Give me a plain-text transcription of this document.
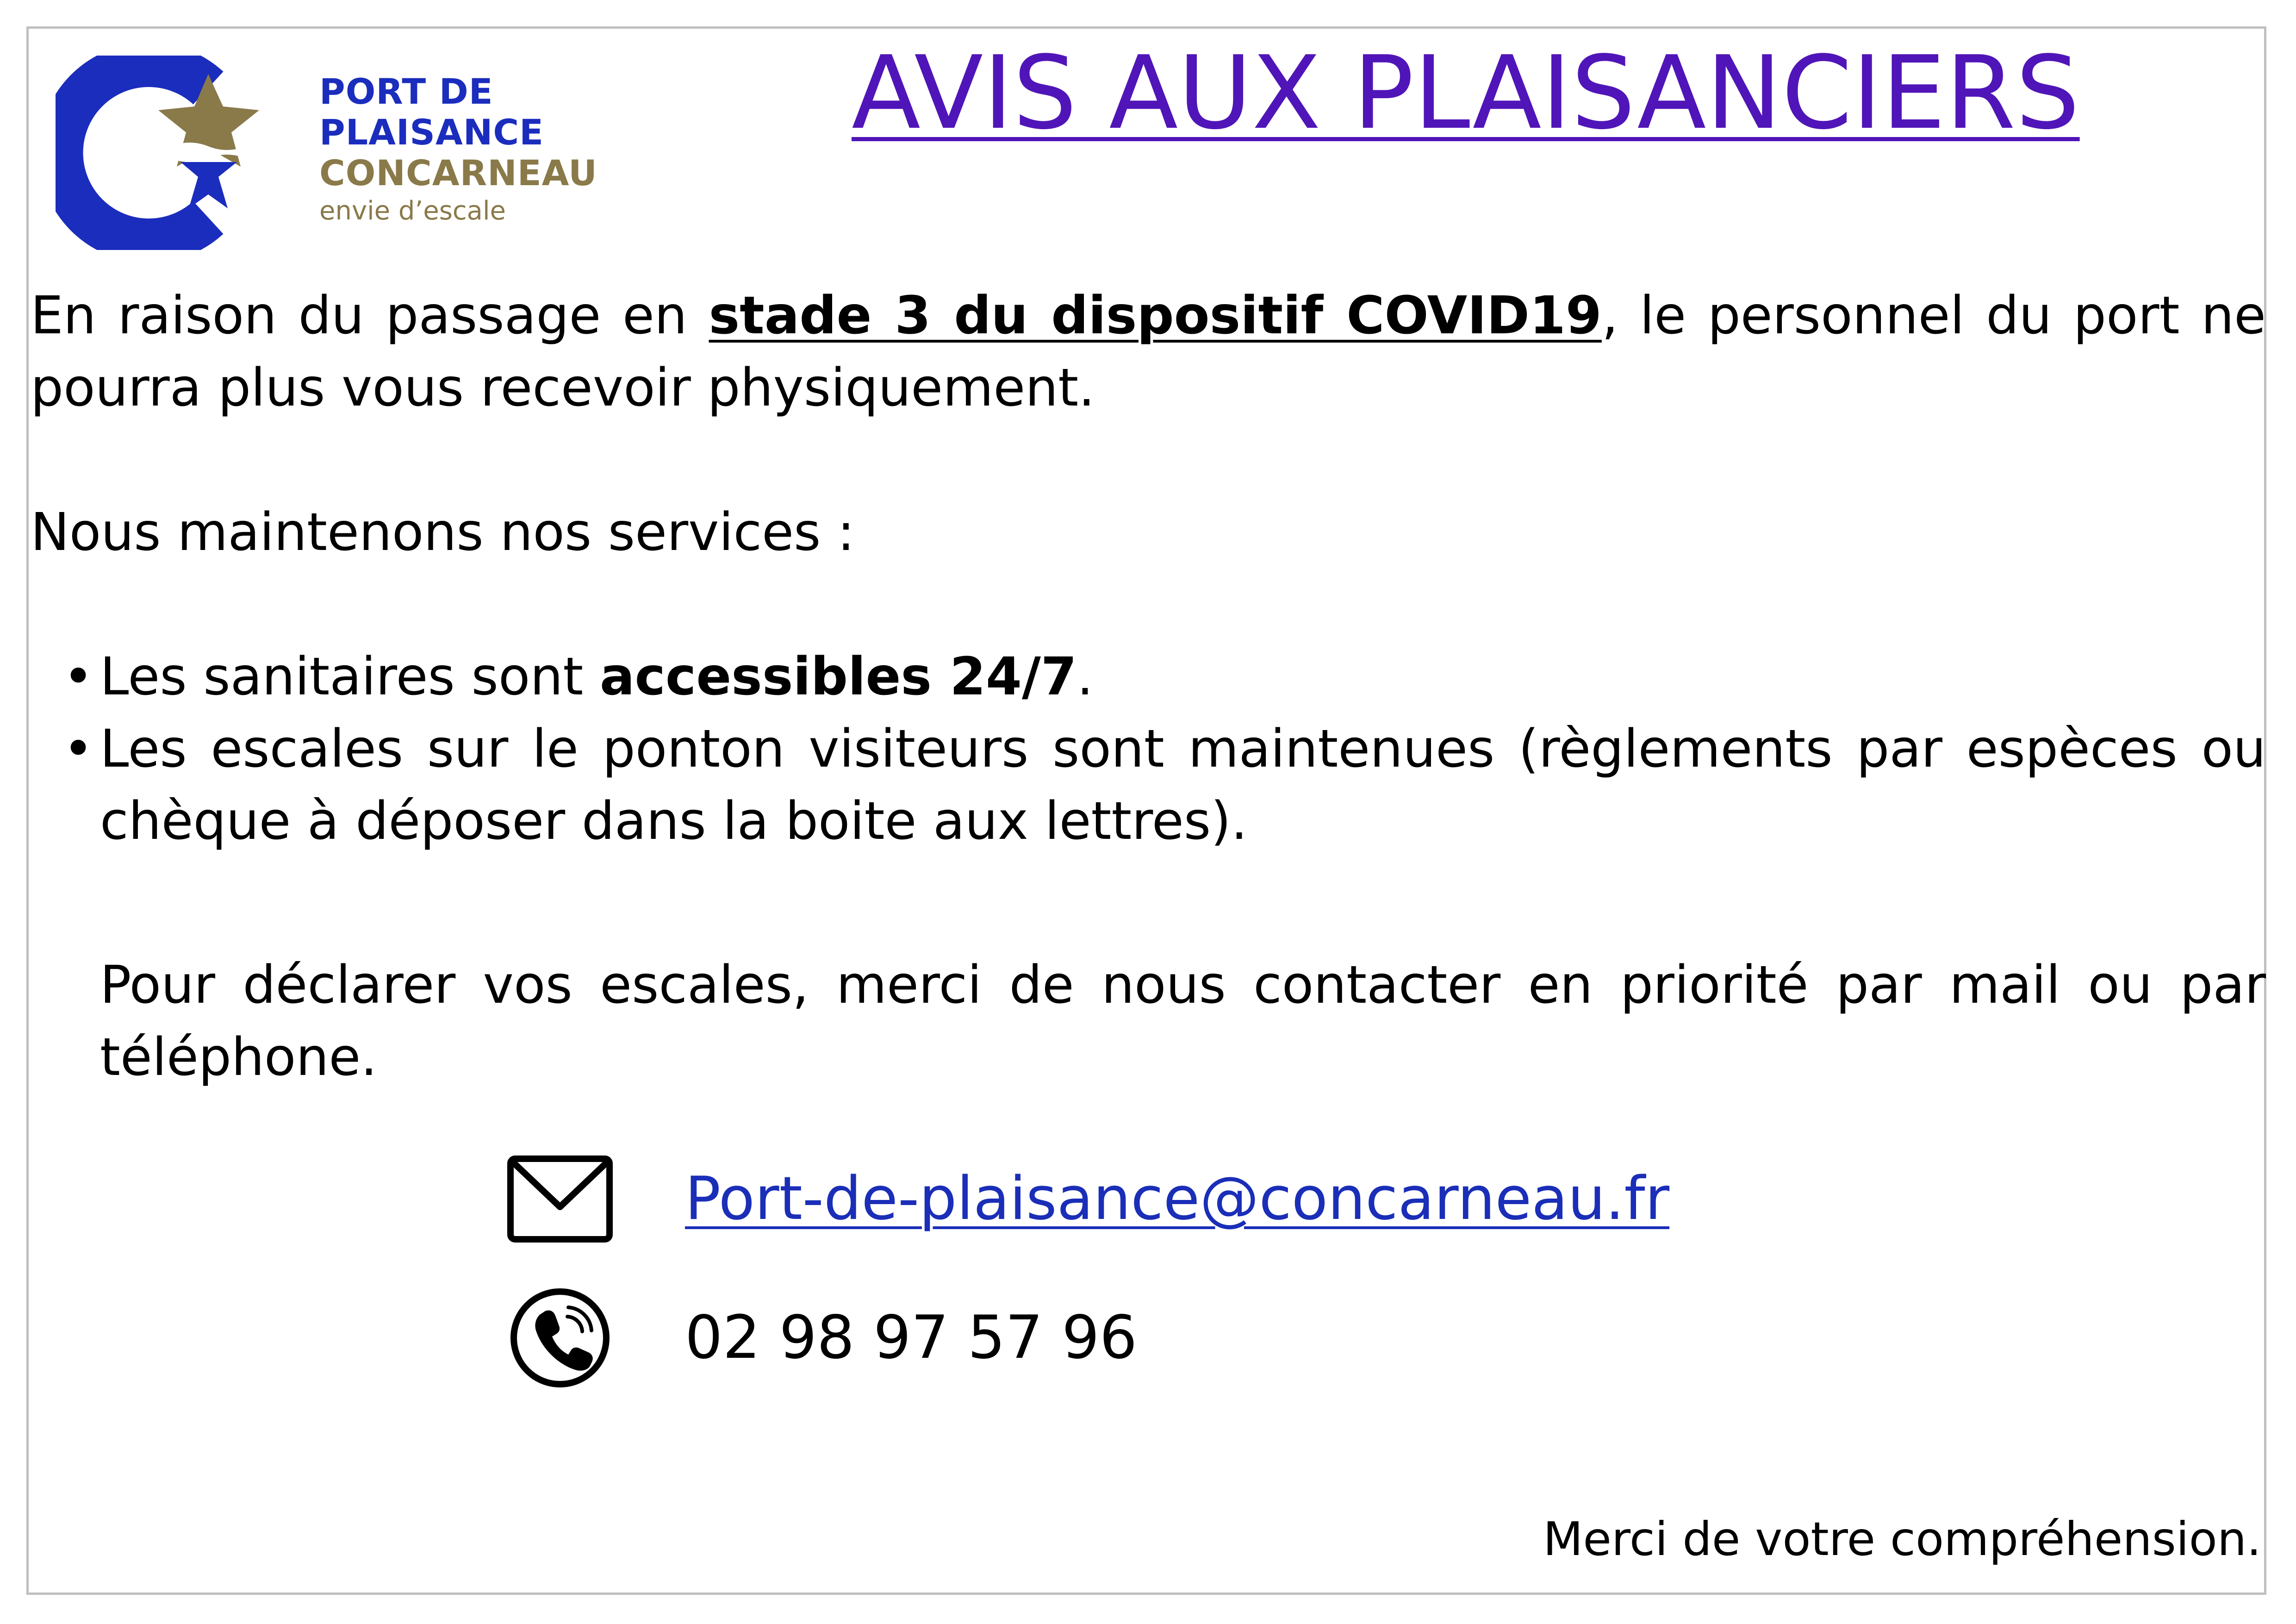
PORT DE
PLAISANCE
CONCARNEAU
envie d’escale
AVIS AUX PLAISANCIERS
En raison du passage en stade 3 du dispositif COVID19, le personnel du port ne pourra plus vous recevoir physiquement.
Nous maintenons nos services :
• Les sanitaires sont accessibles 24/7.
• Les escales sur le ponton visiteurs sont maintenues (règlements par espèces ou chèque à déposer dans la boite aux lettres).
Pour déclarer vos escales, merci de nous contacter en priorité par mail ou par téléphone.
Port-de-plaisance@concarneau.fr
02 98 97 57 96
Merci de votre compréhension.
